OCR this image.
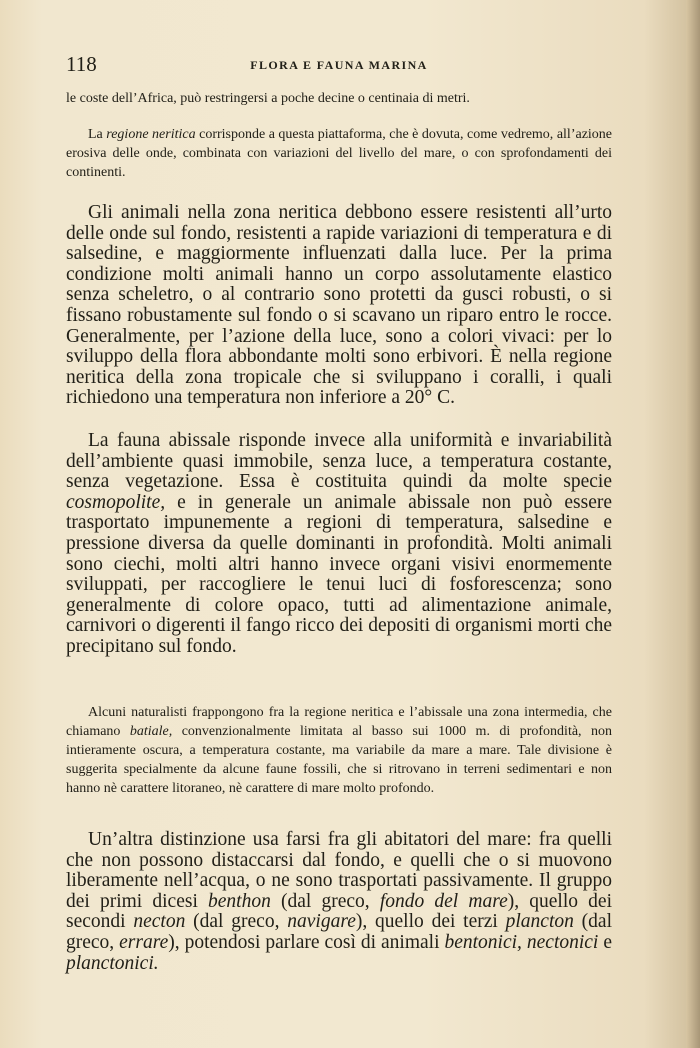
118	FLORA E FAUNA MARINA

le coste dell’Africa, può restringersi a poche decine o centinaia di metri.

La regione neritica corrisponde a questa piattaforma, che è dovuta, come vedremo, all’azione erosiva delle onde, combinata con variazioni del livello del mare, o con sprofondamenti dei continenti.

Gli animali nella zona neritica debbono essere resistenti all’urto delle onde sul fondo, resistenti a rapide variazioni di temperatura e di salsedine, e maggiormente influenzati dalla luce. Per la prima condizione molti animali hanno un corpo assolutamente elastico senza scheletro, o al contrario sono protetti da gusci robusti, o si fissano robustamente sul fondo o si scavano un riparo entro le rocce. Generalmente, per l’azione della luce, sono a colori vivaci: per lo sviluppo della flora abbondante molti sono erbivori. È nella regione neritica della zona tropicale che si sviluppano i coralli, i quali richiedono una temperatura non inferiore a 20° C.

La fauna abissale risponde invece alla uniformità e invariabilità dell’ambiente quasi immobile, senza luce, a temperatura costante, senza vegetazione. Essa è costituita quindi da molte specie cosmopolite, e in generale un animale abissale non può essere trasportato impunemente a regioni di temperatura, salsedine e pressione diversa da quelle dominanti in profondità. Molti animali sono ciechi, molti altri hanno invece organi visivi enormemente sviluppati, per raccogliere le tenui luci di fosforescenza; sono generalmente di colore opaco, tutti ad alimentazione animale, carnivori o digerenti il fango ricco dei depositi di organismi morti che precipitano sul fondo.

Alcuni naturalisti frappongono fra la regione neritica e l’abissale una zona intermedia, che chiamano batiale, convenzionalmente limitata al basso sui 1000 m. di profondità, non intieramente oscura, a temperatura costante, ma variabile da mare a mare. Tale divisione è suggerita specialmente da alcune faune fossili, che si ritrovano in terreni sedimentari e non hanno nè carattere litoraneo, nè carattere di mare molto profondo.

Un’altra distinzione usa farsi fra gli abitatori del mare: fra quelli che non possono distaccarsi dal fondo, e quelli che o si muovono liberamente nell’acqua, o ne sono trasportati passivamente. Il gruppo dei primi dicesi benthon (dal greco, fondo del mare), quello dei secondi necton (dal greco, navigare), quello dei terzi plancton (dal greco, errare), potendosi parlare così di animali bentonici, nectonici e planctonici.
